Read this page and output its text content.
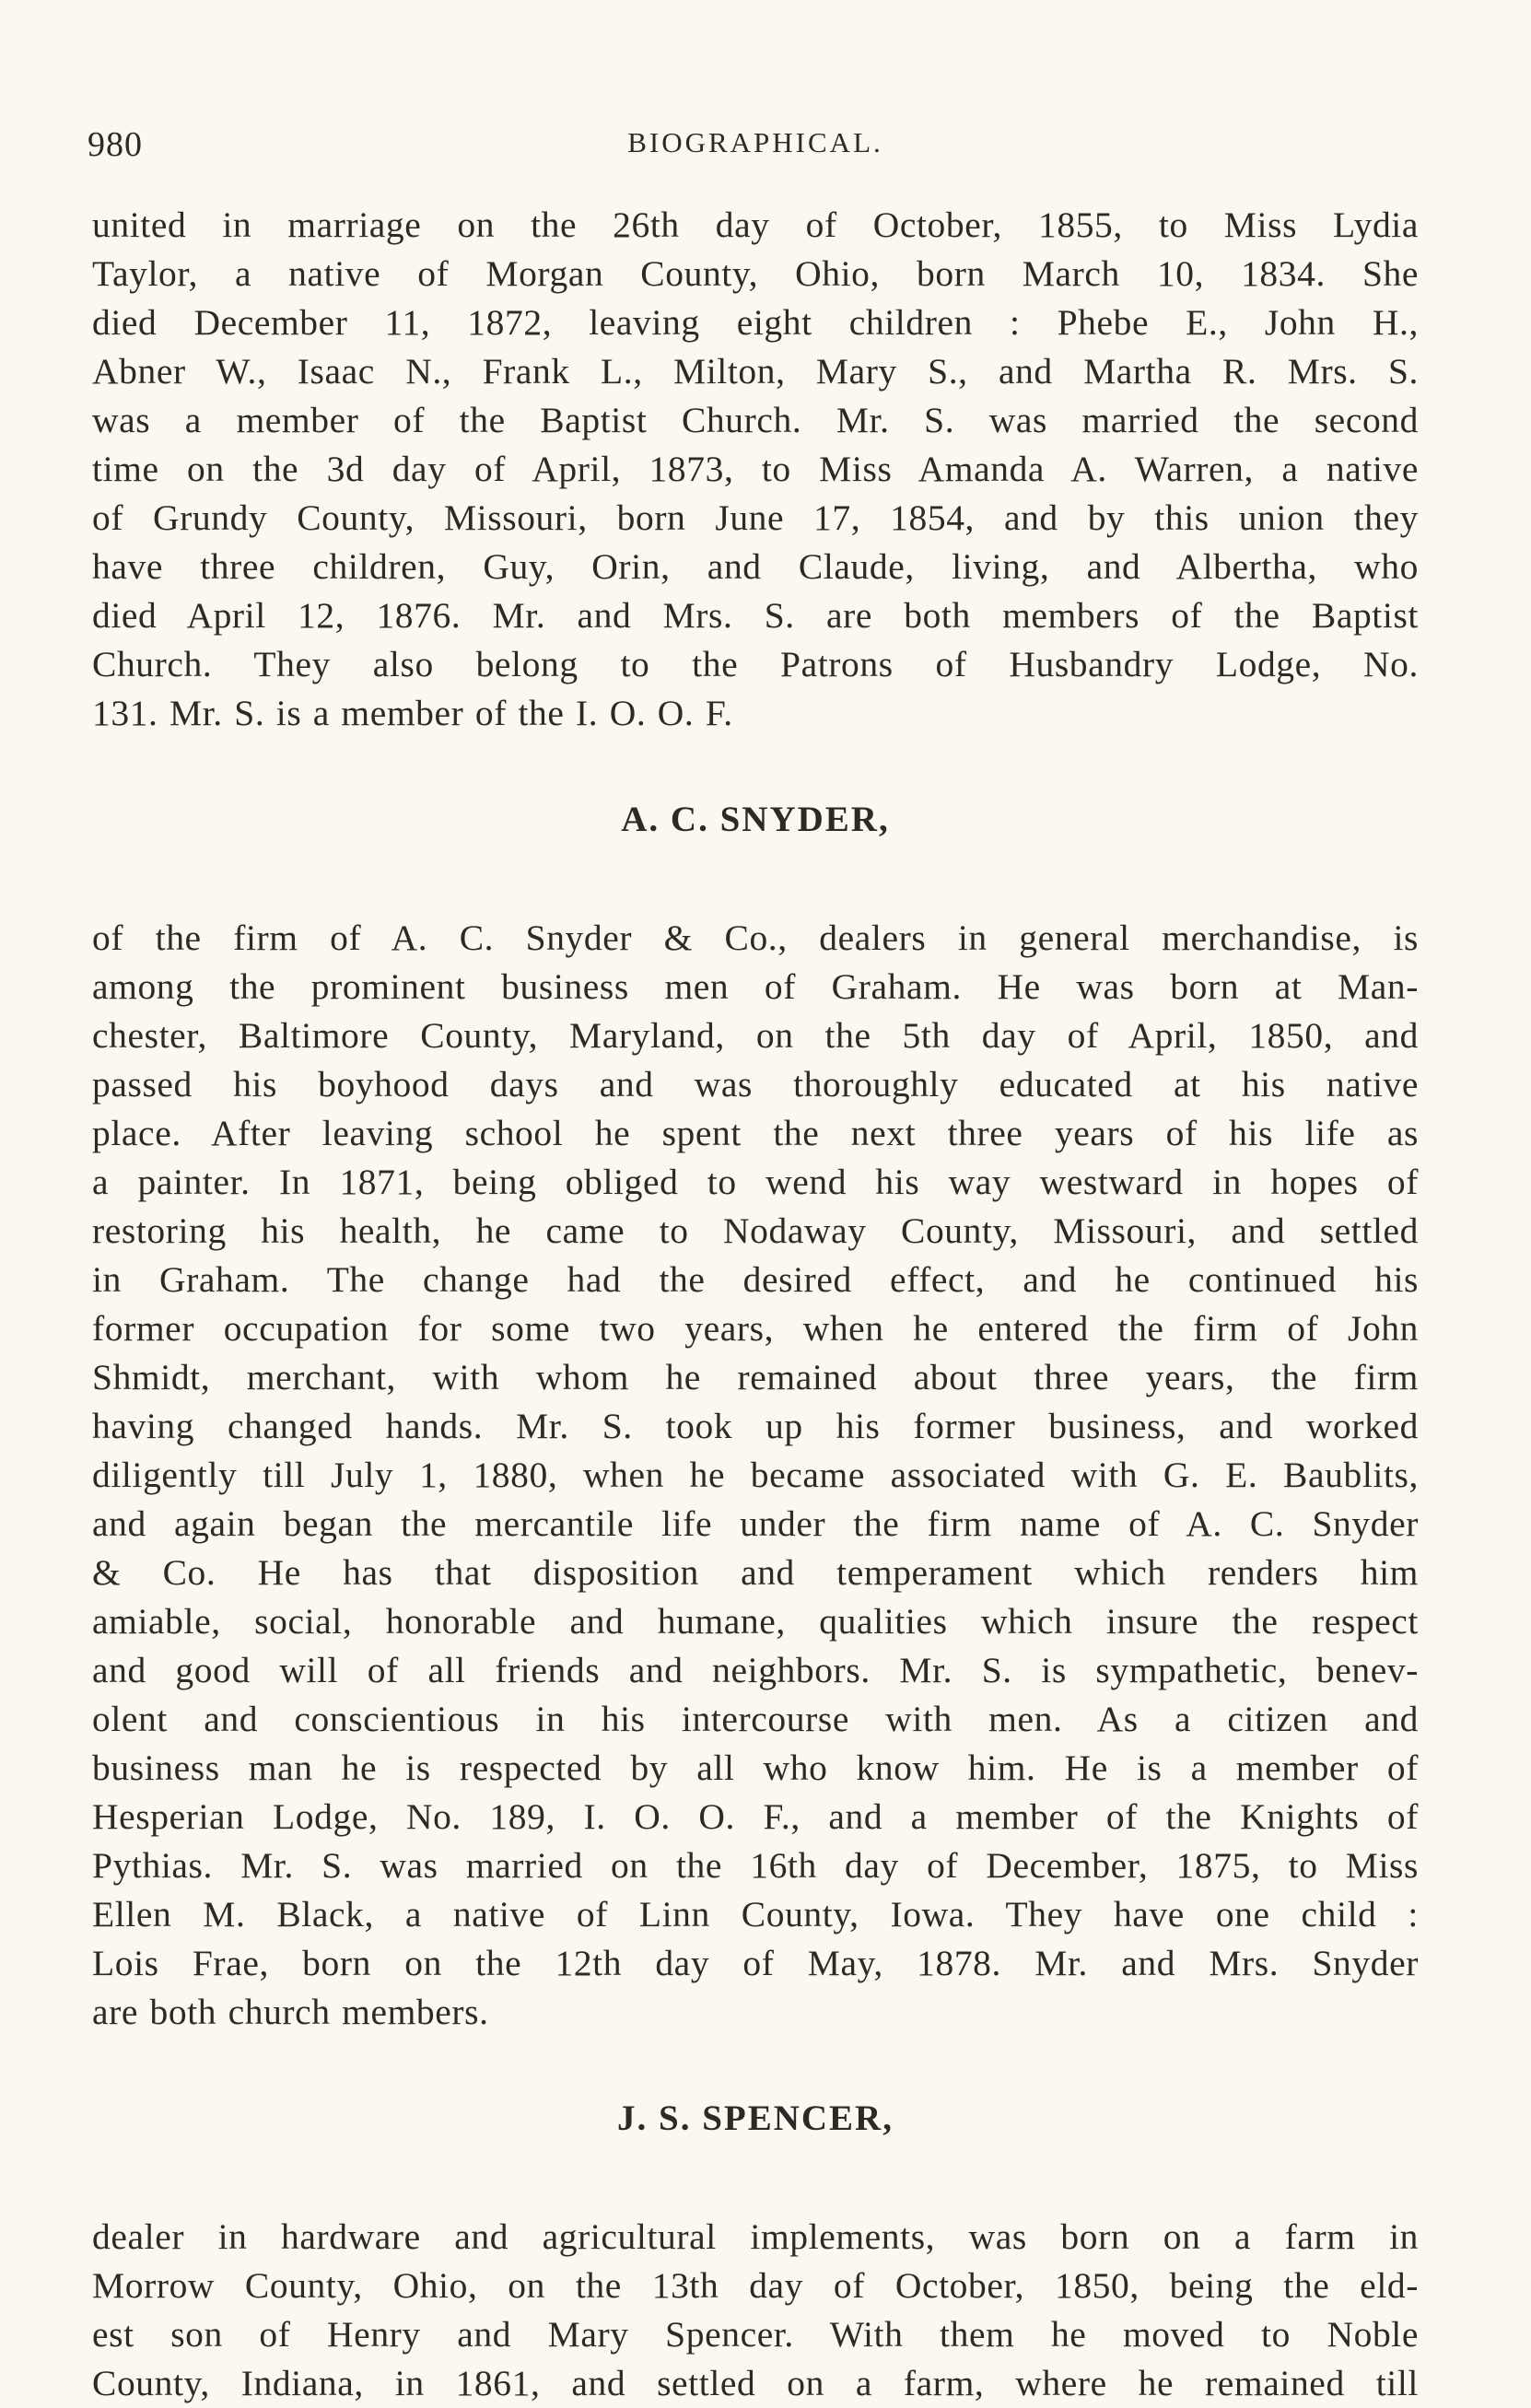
980	BIOGRAPHICAL.

united in marriage on the 26th day of October, 1855, to Miss Lydia
Taylor, a native of Morgan County, Ohio, born March 10, 1834. She
died December 11, 1872, leaving eight children : Phebe E., John H.,
Abner W., Isaac N., Frank L., Milton, Mary S., and Martha R. Mrs. S.
was a member of the Baptist Church. Mr. S. was married the second
time on the 3d day of April, 1873, to Miss Amanda A. Warren, a native
of Grundy County, Missouri, born June 17, 1854, and by this union they
have three children, Guy, Orin, and Claude, living, and Albertha, who
died April 12, 1876. Mr. and Mrs. S. are both members of the Baptist
Church. They also belong to the Patrons of Husbandry Lodge, No.
131. Mr. S. is a member of the I. O. O. F.

A. C. SNYDER,

of the firm of A. C. Snyder & Co., dealers in general merchandise, is
among the prominent business men of Graham. He was born at Man-
chester, Baltimore County, Maryland, on the 5th day of April, 1850, and
passed his boyhood days and was thoroughly educated at his native
place. After leaving school he spent the next three years of his life as
a painter. In 1871, being obliged to wend his way westward in hopes of
restoring his health, he came to Nodaway County, Missouri, and settled
in Graham. The change had the desired effect, and he continued his
former occupation for some two years, when he entered the firm of John
Shmidt, merchant, with whom he remained about three years, the firm
having changed hands. Mr. S. took up his former business, and worked
diligently till July 1, 1880, when he became associated with G. E. Baublits,
and again began the mercantile life under the firm name of A. C. Snyder
& Co. He has that disposition and temperament which renders him
amiable, social, honorable and humane, qualities which insure the respect
and good will of all friends and neighbors. Mr. S. is sympathetic, benev-
olent and conscientious in his intercourse with men. As a citizen and
business man he is respected by all who know him. He is a member of
Hesperian Lodge, No. 189, I. O. O. F., and a member of the Knights of
Pythias. Mr. S. was married on the 16th day of December, 1875, to Miss
Ellen M. Black, a native of Linn County, Iowa. They have one child :
Lois Frae, born on the 12th day of May, 1878. Mr. and Mrs. Snyder
are both church members.

J. S. SPENCER,

dealer in hardware and agricultural implements, was born on a farm in
Morrow County, Ohio, on the 13th day of October, 1850, being the eld-
est son of Henry and Mary Spencer. With them he moved to Noble
County, Indiana, in 1861, and settled on a farm, where he remained till
